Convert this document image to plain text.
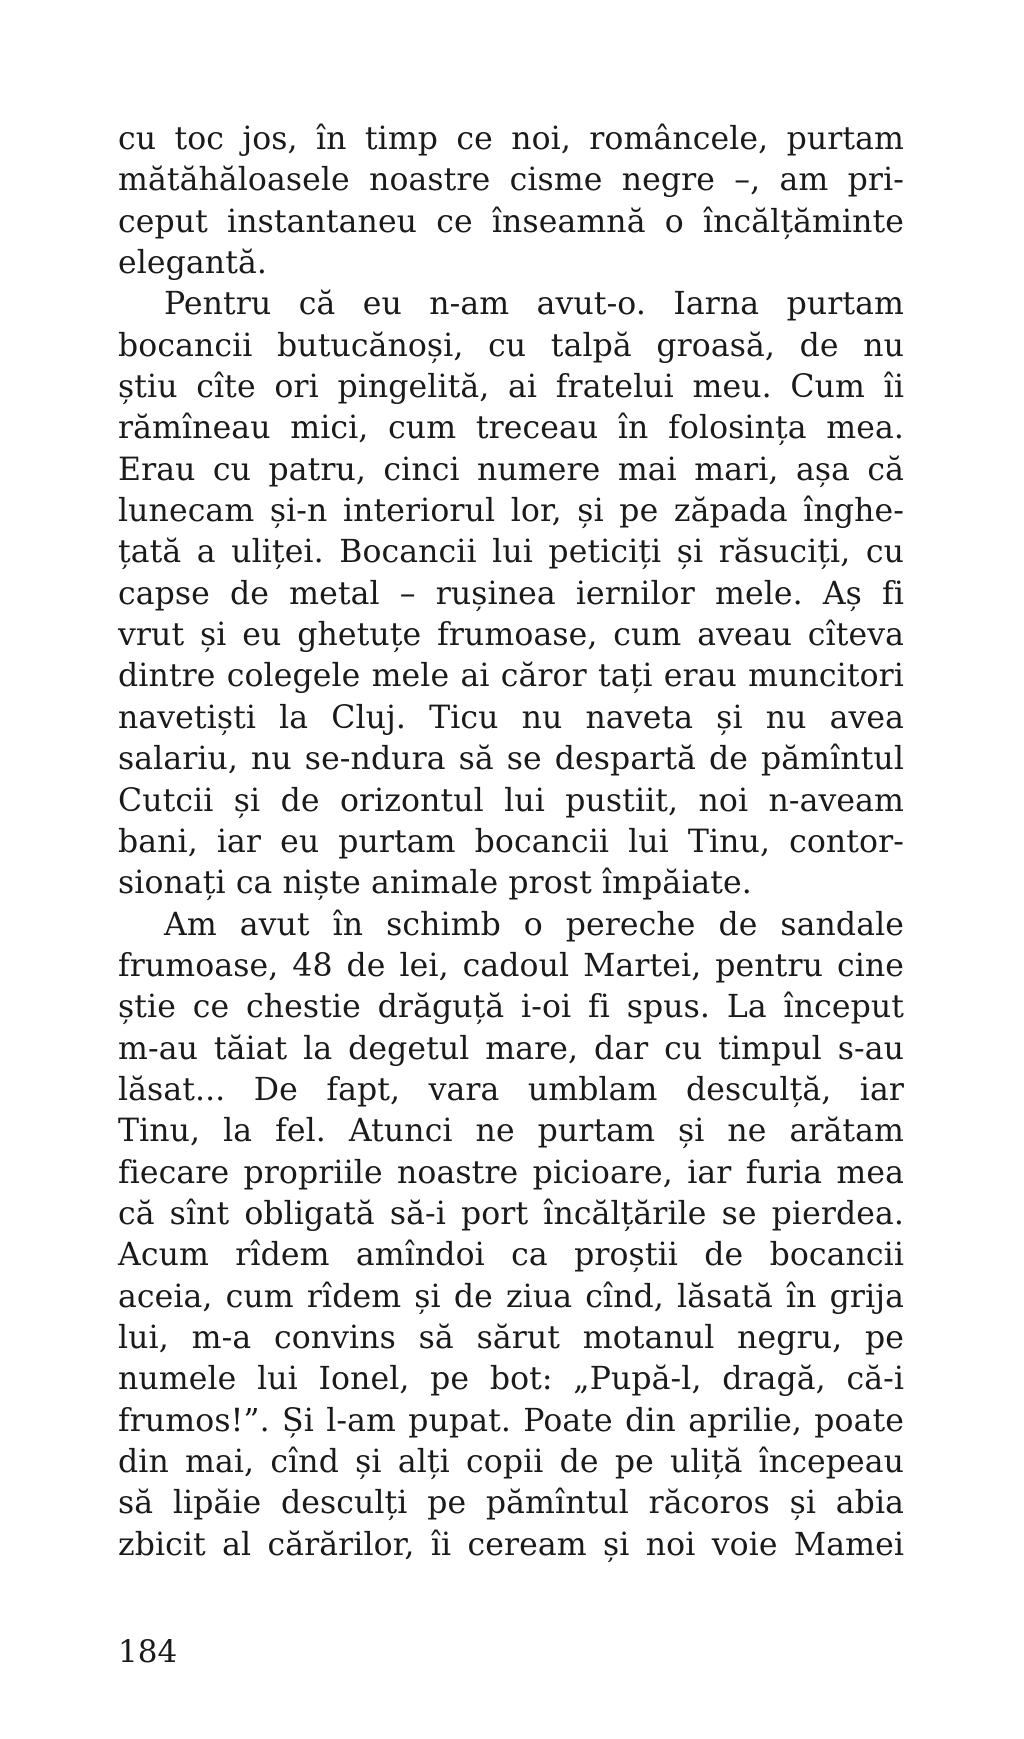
cu toc jos, în timp ce noi, româncele, purtam
mătăhăloasele noastre cisme negre –, am pri-
ceput instantaneu ce înseamnă o încălțăminte
elegantă.
Pentru că eu n-am avut-o. Iarna purtam
bocancii butucănoși, cu talpă groasă, de nu
știu cîte ori pingelită, ai fratelui meu. Cum îi
rămîneau mici, cum treceau în folosința mea.
Erau cu patru, cinci numere mai mari, așa că
lunecam și-n interiorul lor, și pe zăpada înghe-
țată a uliței. Bocancii lui peticiți și răsuciți, cu
capse de metal – rușinea iernilor mele. Aș fi
vrut și eu ghetuțe frumoase, cum aveau cîteva
dintre colegele mele ai căror tați erau muncitori
navetiști la Cluj. Ticu nu naveta și nu avea
salariu, nu se-ndura să se despartă de pămîntul
Cutcii și de orizontul lui pustiit, noi n-aveam
bani, iar eu purtam bocancii lui Tinu, contor-
sionați ca niște animale prost împăiate.
Am avut în schimb o pereche de sandale
frumoase, 48 de lei, cadoul Martei, pentru cine
știe ce chestie drăguță i-oi fi spus. La început
m-au tăiat la degetul mare, dar cu timpul s-au
lăsat... De fapt, vara umblam desculță, iar
Tinu, la fel. Atunci ne purtam și ne arătam
fiecare propriile noastre picioare, iar furia mea
că sînt obligată să-i port încălțările se pierdea.
Acum rîdem amîndoi ca proștii de bocancii
aceia, cum rîdem și de ziua cînd, lăsată în grija
lui, m-a convins să sărut motanul negru, pe
numele lui Ionel, pe bot: „Pupă-l, dragă, că-i
frumos!”. Și l-am pupat. Poate din aprilie, poate
din mai, cînd și alți copii de pe uliță începeau
să lipăie desculți pe pămîntul răcoros și abia
zbicit al cărărilor, îi ceream și noi voie Mamei
184
